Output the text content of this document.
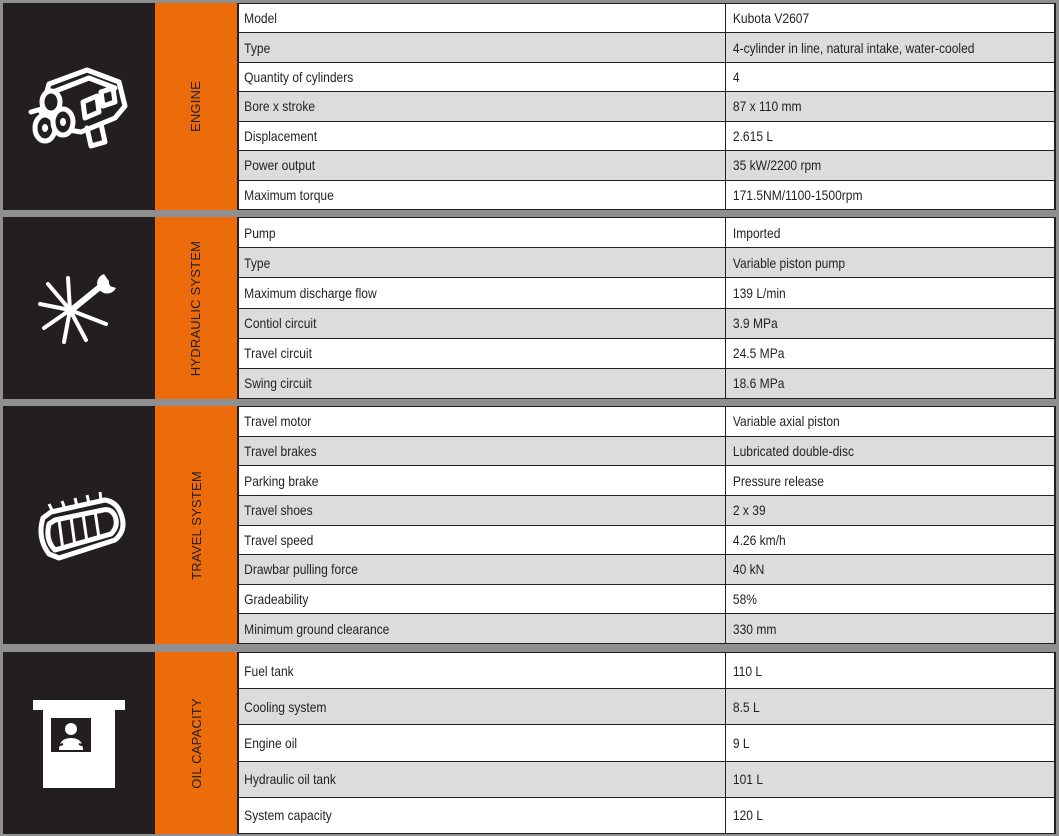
ENGINE
Model	Kubota V2607
Type	4-cylinder in line, natural intake, water-cooled
Quantity of cylinders	4
Bore x stroke	87 x 110 mm
Displacement	2.615 L
Power output	35 kW/2200 rpm
Maximum torque	171.5NM/1100-1500rpm
HYDRAULIC SYSTEM
Pump	Imported
Type	Variable piston pump
Maximum discharge flow	139 L/min
Contiol circuit	3.9 MPa
Travel circuit	24.5 MPa
Swing circuit	18.6 MPa
TRAVEL SYSTEM
Travel motor	Variable axial piston
Travel brakes	Lubricated double-disc
Parking brake	Pressure release
Travel shoes	2 x 39
Travel speed	4.26 km/h
Drawbar pulling force	40 kN
Gradeability	58%
Minimum ground clearance	330 mm
OIL CAPACITY
Fuel tank	110 L
Cooling system	8.5 L
Engine oil	9 L
Hydraulic oil tank	101 L
System capacity	120 L
